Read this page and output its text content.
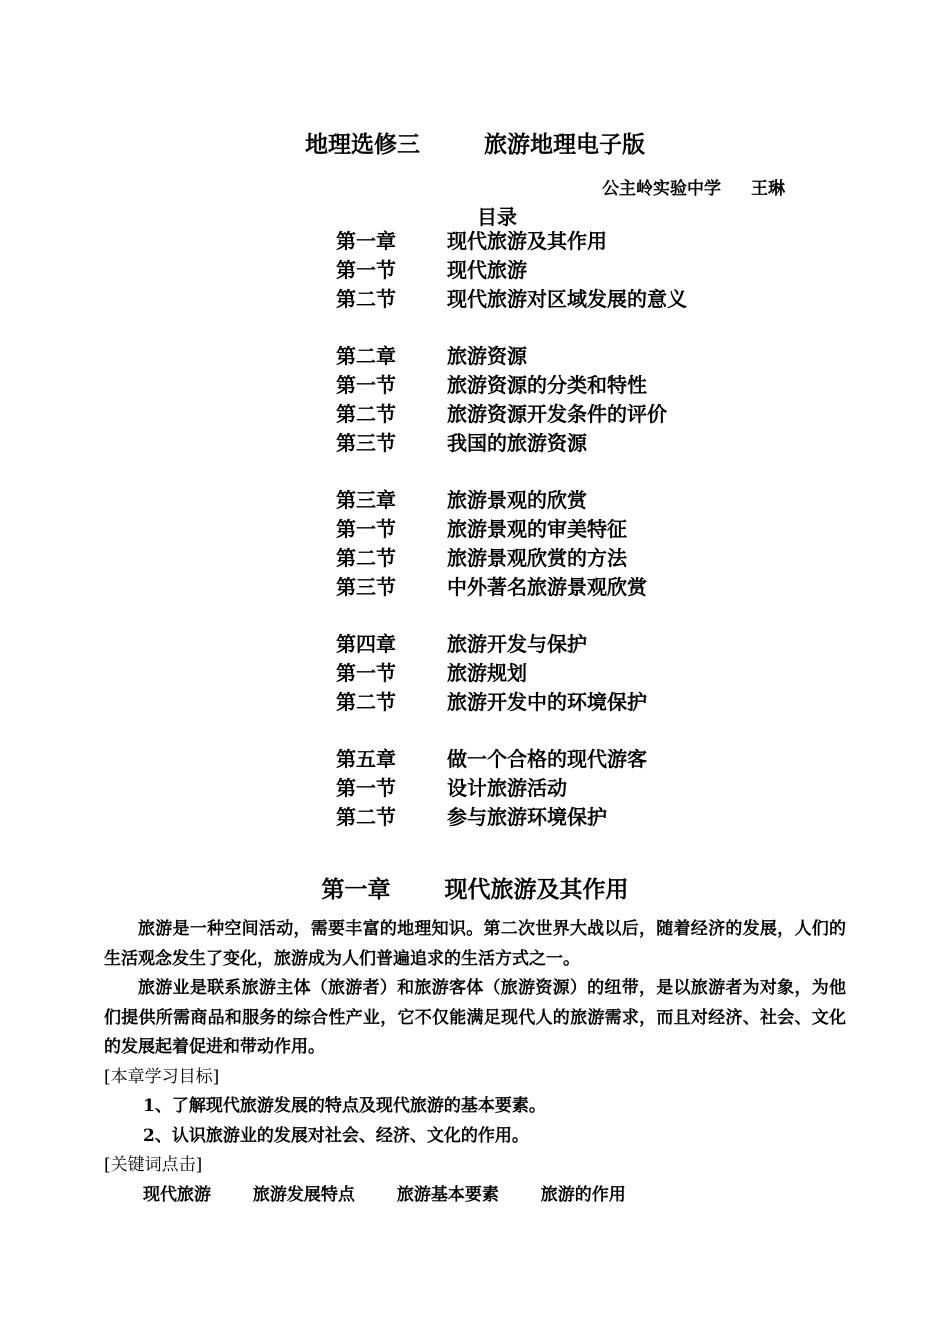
地理选修三	旅游地理电子版
公主岭实验中学 王琳
目录
第一章	现代旅游及其作用
第一节	现代旅游
第二节	现代旅游对区域发展的意义
第二章	旅游资源
第一节	旅游资源的分类和特性
第二节	旅游资源开发条件的评价
第三节	我国的旅游资源
第三章	旅游景观的欣赏
第一节	旅游景观的审美特征
第二节	旅游景观欣赏的方法
第三节	中外著名旅游景观欣赏
第四章	旅游开发与保护
第一节	旅游规划
第二节	旅游开发中的环境保护
第五章	做一个合格的现代游客
第一节	设计旅游活动
第二节	参与旅游环境保护
第一章 现代旅游及其作用

旅游是一种空间活动，需要丰富的地理知识。第二次世界大战以后，随着经济的发展，人们的生活观念发生了变化，旅游成为人们普遍追求的生活方式之一。

旅游业是联系旅游主体（旅游者）和旅游客体（旅游资源）的纽带，是以旅游者为对象，为他们提供所需商品和服务的综合性产业，它不仅能满足现代人的旅游需求，而且对经济、社会、文化的发展起着促进和带动作用。

[本章学习目标]

1、了解现代旅游发展的特点及现代旅游的基本要素。

2、认识旅游业的发展对社会、经济、文化的作用。

[关键词点击]

现代旅游 旅游发展特点 旅游基本要素 旅游的作用
